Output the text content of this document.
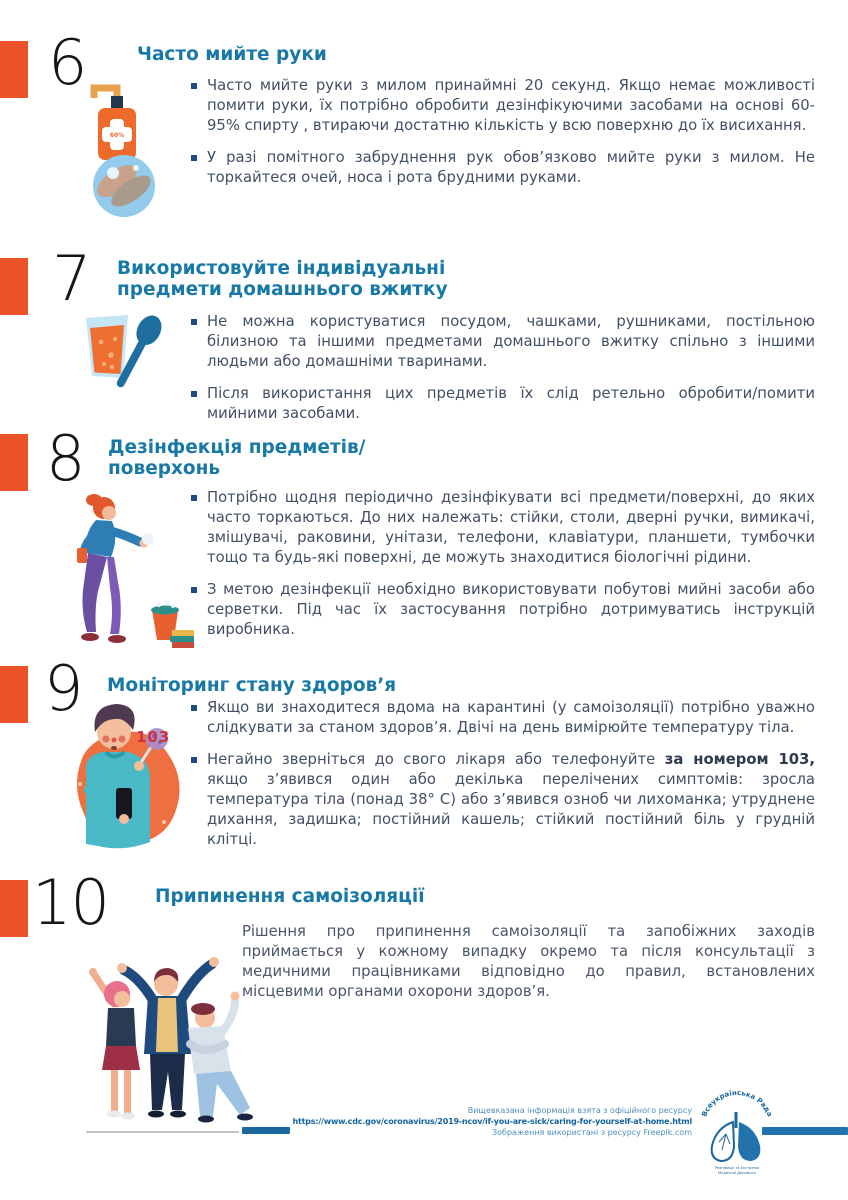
6	Часто мийте руки
60%
Часто мийте руки з милом принаймні 20 секунд. Якщо немає можливості помити руки, їх потрібно обробити дезінфікуючими засобами на основі 60-95% спирту , втираючи достатню кількість у всю поверхню до їх висихання.
У разі помітного забруднення рук обов’язково мийте руки з милом. Не торкайтеся очей, носа і рота брудними руками.
7 Використовуйте індивідуальні
предмети домашнього вжитку
Не можна користуватися посудом, чашками, рушниками, постільною білизною та іншими предметами домашнього вжитку спільно з іншими людьми або домашніми тваринами.
Після використання цих предметів їх слід ретельно обробити/помити мийними засобами.
8 Дезінфекція предметів/
поверхонь
Потрібно щодня періодично дезінфікувати всі предмети/поверхні, до яких часто торкаються. До них належать: стійки, столи, дверні ручки, вимикачі, змішувачі, раковини, унітази, телефони, клавіатури, планшети, тумбочки тощо та будь-які поверхні, де можуть знаходитися біологічні рідини.
З метою дезінфекції необхідно використовувати побутові мийні засоби або серветки. Під час їх застосування потрібно дотримуватись інструкцій виробника.
9 Моніторинг стану здоров’я
103
Якщо ви знаходитеся вдома на карантині (у самоізоляції) потрібно уважно слідкувати за станом здоров’я. Двічі на день вимірюйте температуру тіла.
Негайно зверніться до свого лікаря або телефонуйте за номером 103, якщо з’явився один або декілька перелічених симптомів: зросла температура тіла (понад 38° С) або з’явився озноб чи лихоманка; утруднене дихання, задишка; постійний кашель; стійкий постійний біль у грудній клітці.
10 Припинення самоізоляції
Рішення про припинення самоізоляції та запобіжних заходів приймається у кожному випадку окремо та після консультації з медичними працівниками відповідно до правил, встановлених місцевими органами охорони здоров’я.
Вищевказана інформація взята з офіційного ресурсу
https://www.cdc.gov/coronavirus/2019-ncov/if-you-are-sick/caring-for-yourself-at-home.html
Зображення використані з ресурсу Freepik.com
Всеукраїнська Рада
Реанімації та Екстреної
Медичної Допомоги
